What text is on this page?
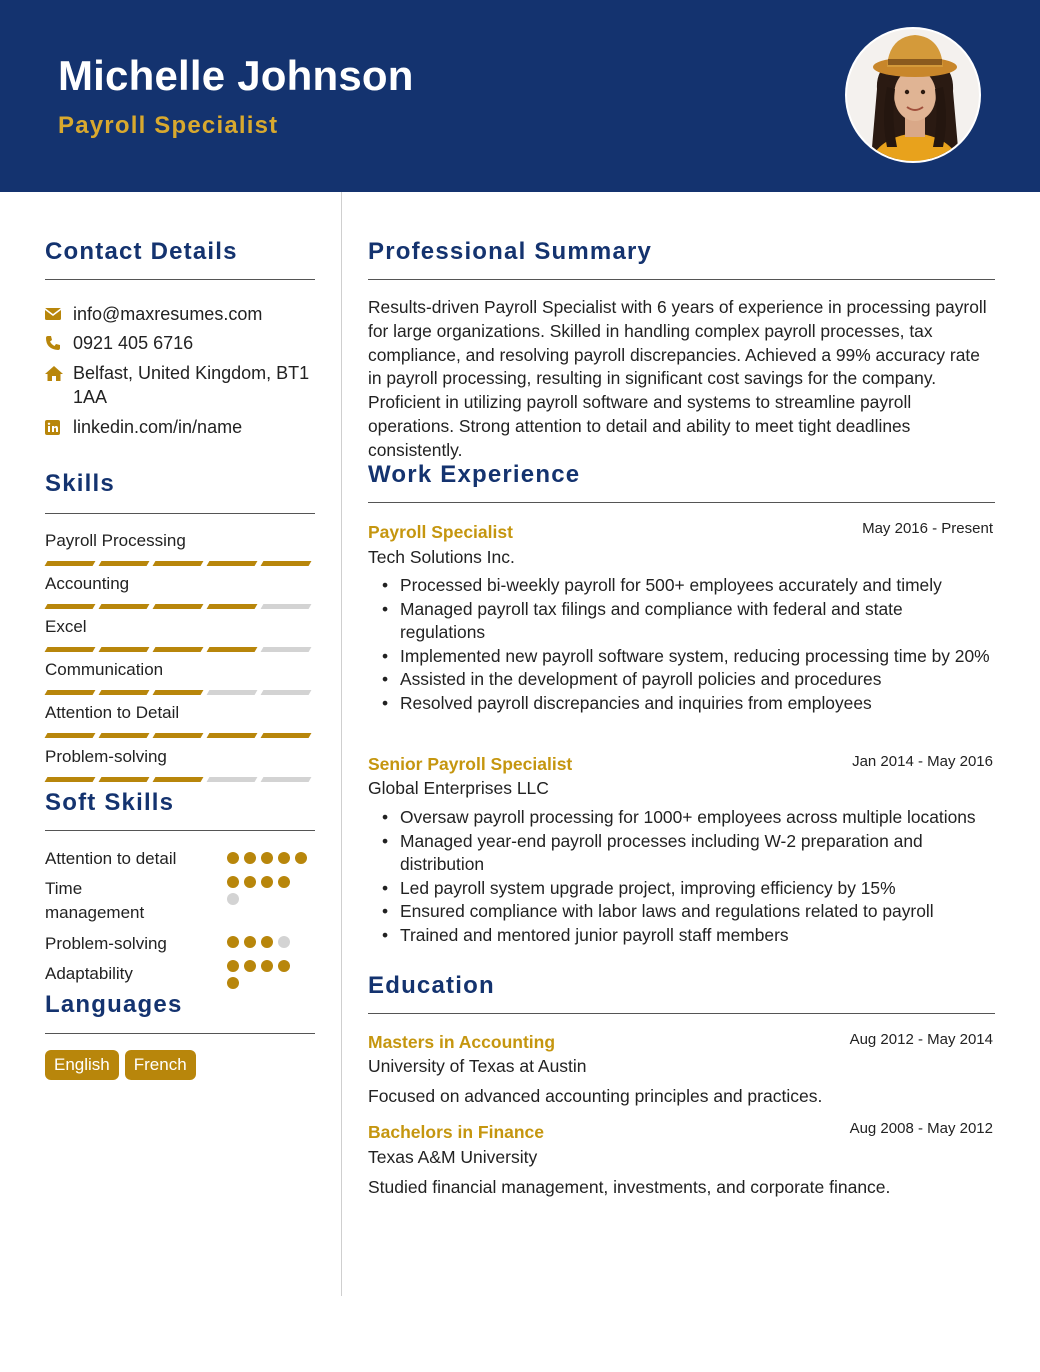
Michelle Johnson
Payroll Specialist
Contact Details
info@maxresumes.com
0921 405 6716
Belfast, United Kingdom, BT1 1AA
linkedin.com/in/name
Skills
Payroll Processing
Accounting
Excel
Communication
Attention to Detail
Problem-solving
Soft Skills
Attention to detail
Time management
Problem-solving
Adaptability
Languages
English	French
Professional Summary
Results-driven Payroll Specialist with 6 years of experience in processing payroll for large organizations. Skilled in handling complex payroll processes, tax compliance, and resolving payroll discrepancies. Achieved a 99% accuracy rate in payroll processing, resulting in significant cost savings for the company. Proficient in utilizing payroll software and systems to streamline payroll operations. Strong attention to detail and ability to meet tight deadlines consistently.
Work Experience
Payroll Specialist	May 2016 - Present
Tech Solutions Inc.
• Processed bi-weekly payroll for 500+ employees accurately and timely
• Managed payroll tax filings and compliance with federal and state regulations
• Implemented new payroll software system, reducing processing time by 20%
• Assisted in the development of payroll policies and procedures
• Resolved payroll discrepancies and inquiries from employees
Senior Payroll Specialist	Jan 2014 - May 2016
Global Enterprises LLC
• Oversaw payroll processing for 1000+ employees across multiple locations
• Managed year-end payroll processes including W-2 preparation and distribution
• Led payroll system upgrade project, improving efficiency by 15%
• Ensured compliance with labor laws and regulations related to payroll
• Trained and mentored junior payroll staff members
Education
Masters in Accounting	Aug 2012 - May 2014
University of Texas at Austin
Focused on advanced accounting principles and practices.
Bachelors in Finance	Aug 2008 - May 2012
Texas A&M University
Studied financial management, investments, and corporate finance.
